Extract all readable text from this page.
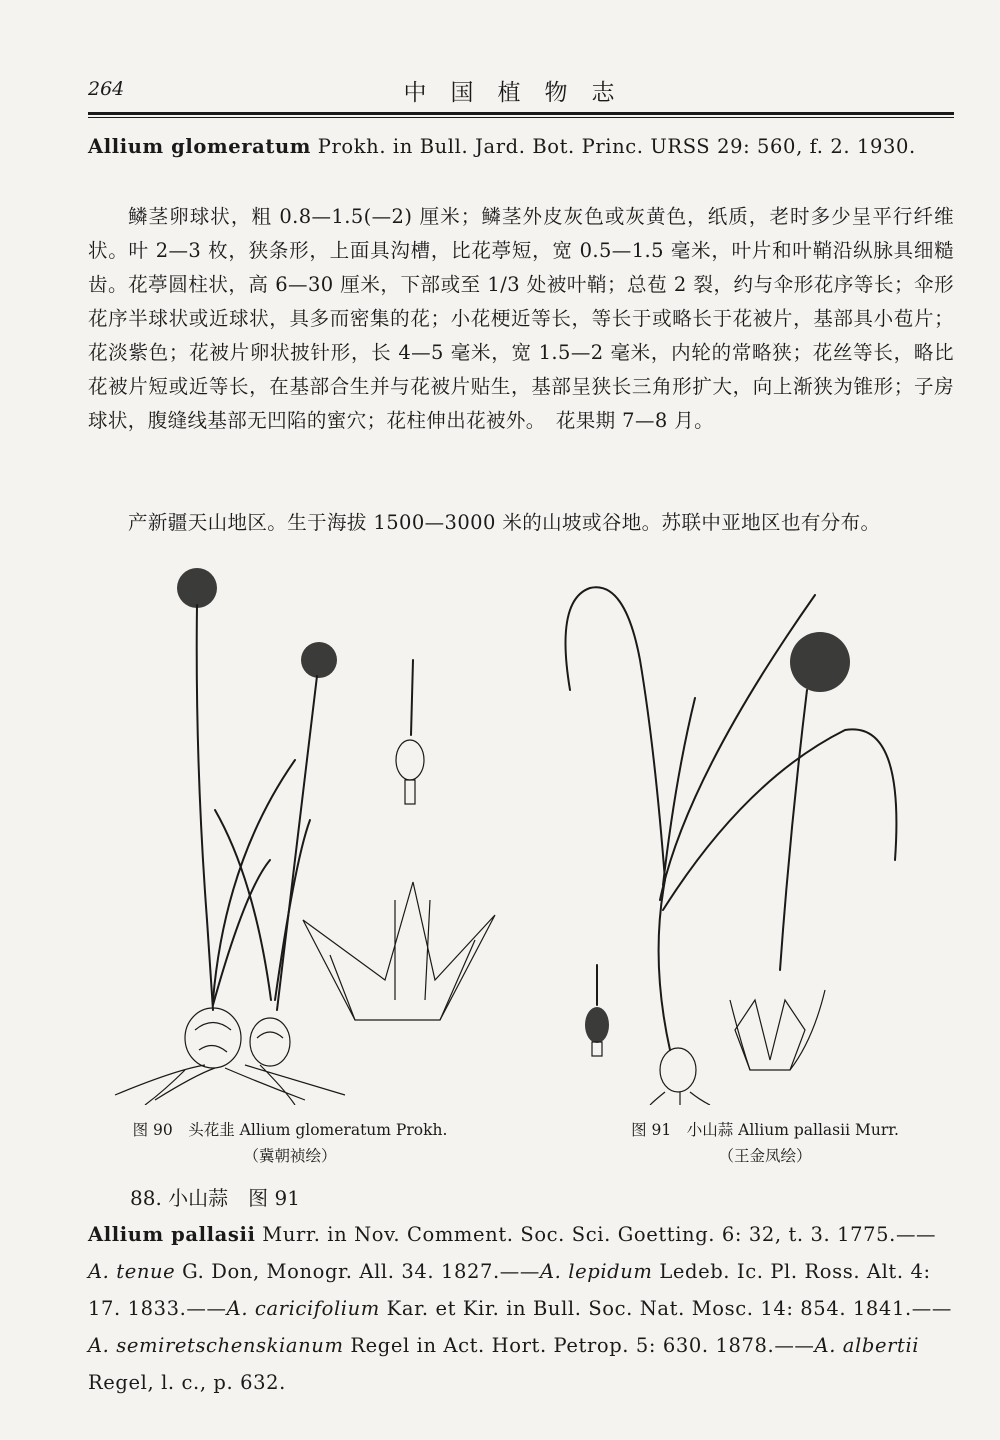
264	中国植物志
Allium glomeratum Prokh. in Bull. Jard. Bot. Princ. URSS 29: 560, f. 2. 1930.
鳞茎卵球状，粗 0.8—1.5(—2) 厘米；鳞茎外皮灰色或灰黄色，纸质，老时多少呈平行纤维状。叶 2—3 枚，狭条形，上面具沟槽，比花葶短，宽 0.5—1.5 毫米，叶片和叶鞘沿纵脉具细糙齿。花葶圆柱状，高 6—30 厘米，下部或至 1/3 处被叶鞘；总苞 2 裂，约与伞形花序等长；伞形花序半球状或近球状，具多而密集的花；小花梗近等长，等长于或略长于花被片，基部具小苞片；花淡紫色；花被片卵状披针形，长 4—5 毫米，宽 1.5—2 毫米，内轮的常略狭；花丝等长，略比花被片短或近等长，在基部合生并与花被片贴生，基部呈狭长三角形扩大，向上渐狭为锥形；子房球状，腹缝线基部无凹陷的蜜穴；花柱伸出花被外。　花果期 7—8 月。
产新疆天山地区。生于海拔 1500—3000 米的山坡或谷地。苏联中亚地区也有分布。
图 90　头花韭 Allium glomeratum Prokh.
（冀朝祯绘）
图 91　小山蒜 Allium pallasii Murr.
（王金凤绘）
88. 小山蒜　图 91
Allium pallasii Murr. in Nov. Comment. Soc. Sci. Goetting. 6: 32, t. 3. 1775.——A. tenue G. Don, Monogr. All. 34. 1827.——A. lepidum Ledeb. Ic. Pl. Ross. Alt. 4: 17. 1833.——A. caricifolium Kar. et Kir. in Bull. Soc. Nat. Mosc. 14: 854. 1841.——A. semiretschenskianum Regel in Act. Hort. Petrop. 5: 630. 1878.——A. albertii Regel, l. c., p. 632.
